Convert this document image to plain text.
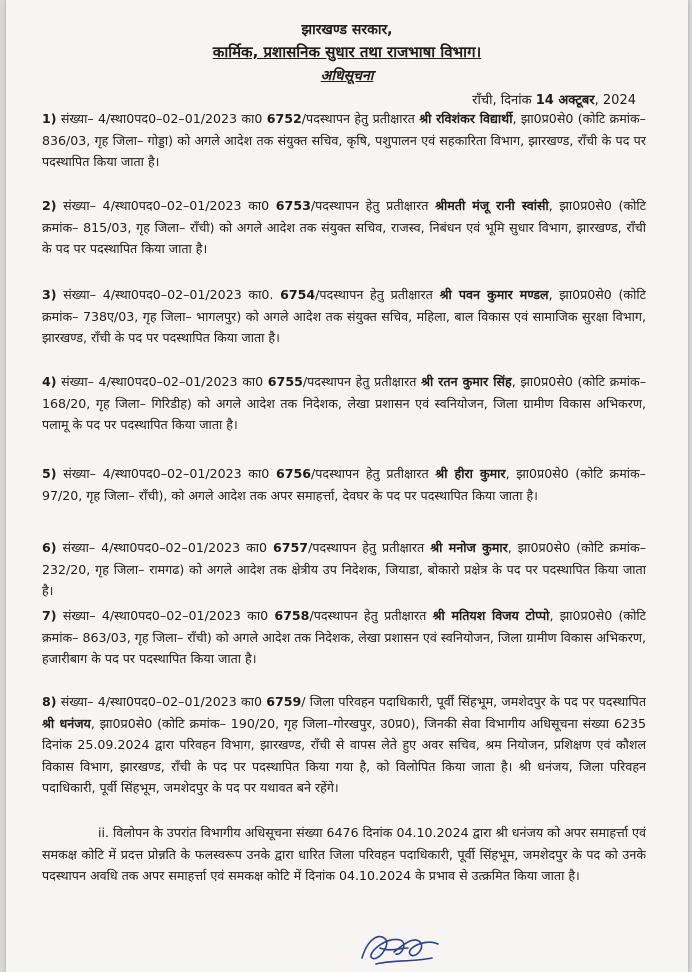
झारखण्ड सरकार,
कार्मिक, प्रशासनिक सुधार तथा राजभाषा विभाग।
अधिसूचना
राँची, दिनांक 14 अक्टूबर, 2024
1) संख्या– 4/स्था0पद0–02–01/2023 का0 6752/पदस्थापन हेतु प्रतीक्षारत श्री रविशंकर विद्यार्थी, झा0प्र0से0 (कोटि क्रमांक–836/03, गृह जिला– गोड्डा) को अगले आदेश तक संयुक्त सचिव, कृषि, पशुपालन एवं सहकारिता विभाग, झारखण्ड, राँची के पद पर पदस्थापित किया जाता है।
2) संख्या– 4/स्था0पद0–02–01/2023 का0 6753/पदस्थापन हेतु प्रतीक्षारत श्रीमती मंजू रानी स्वांसी, झा0प्र0से0 (कोटि क्रमांक– 815/03, गृह जिला– राँची) को अगले आदेश तक संयुक्त सचिव, राजस्व, निबंधन एवं भूमि सुधार विभाग, झारखण्ड, राँची के पद पर पदस्थापित किया जाता है।
3) संख्या– 4/स्था0पद0–02–01/2023 का0. 6754/पदस्थापन हेतु प्रतीक्षारत श्री पवन कुमार मण्डल, झा0प्र0से0 (कोटि क्रमांक– 738ए/03, गृह जिला– भागलपुर) को अगले आदेश तक संयुक्त सचिव, महिला, बाल विकास एवं सामाजिक सुरक्षा विभाग, झारखण्ड, राँची के पद पर पदस्थापित किया जाता है।
4) संख्या– 4/स्था0पद0–02–01/2023 का0 6755/पदस्थापन हेतु प्रतीक्षारत श्री रतन कुमार सिंह, झा0प्र0से0 (कोटि क्रमांक– 168/20, गृह जिला– गिरिडीह) को अगले आदेश तक निदेशक, लेखा प्रशासन एवं स्वनियोजन, जिला ग्रामीण विकास अभिकरण, पलामू के पद पर पदस्थापित किया जाता है।
5) संख्या– 4/स्था0पद0–02–01/2023 का0 6756/पदस्थापन हेतु प्रतीक्षारत श्री हीरा कुमार, झा0प्र0से0 (कोटि क्रमांक– 97/20, गृह जिला– राँची), को अगले आदेश तक अपर समाहर्त्ता, देवघर के पद पर पदस्थापित किया जाता है।
6) संख्या– 4/स्था0पद0–02–01/2023 का0 6757/पदस्थापन हेतु प्रतीक्षारत श्री मनोज कुमार, झा0प्र0से0 (कोटि क्रमांक– 232/20, गृह जिला– रामगढ) को अगले आदेश तक क्षेत्रीय उप निदेशक, जियाडा, बोकारो प्रक्षेत्र के पद पर पदस्थापित किया जाता है।
7) संख्या– 4/स्था0पद0–02–01/2023 का0 6758/पदस्थापन हेतु प्रतीक्षारत श्री मतियश विजय टोप्पो, झा0प्र0से0 (कोटि क्रमांक– 863/03, गृह जिला– राँची) को अगले आदेश तक निदेशक, लेखा प्रशासन एवं स्वनियोजन, जिला ग्रामीण विकास अभिकरण, हजारीबाग के पद पर पदस्थापित किया जाता है।
8) संख्या– 4/स्था0पद0–02–01/2023 का0 6759/ जिला परिवहन पदाधिकारी, पूर्वी सिंहभूम, जमशेदपुर के पद पर पदस्थापित श्री धनंजय, झा0प्र0से0 (कोटि क्रमांक– 190/20, गृह जिला–गोरखपुर, उ0प्र0), जिनकी सेवा विभागीय अधिसूचना संख्या 6235 दिनांक 25.09.2024 द्वारा परिवहन विभाग, झारखण्ड, राँची से वापस लेते हुए अवर सचिव, श्रम नियोजन, प्रशिक्षण एवं कौशल विकास विभाग, झारखण्ड, राँची के पद पर पदस्थापित किया गया है, को विलोपित किया जाता है। श्री धनंजय, जिला परिवहन पदाधिकारी, पूर्वी सिंहभूम, जमशेदपुर के पद पर यथावत बने रहेंगे।
ii. विलोपन के उपरांत विभागीय अधिसूचना संख्या 6476 दिनांक 04.10.2024 द्वारा श्री धनंजय को अपर समाहर्त्ता एवं समकक्ष कोटि में प्रदत्त प्रोन्नति के फलस्वरूप उनके द्वारा धारित जिला परिवहन पदाधिकारी, पूर्वी सिंहभूम, जमशेदपुर के पद को उनके पदस्थापन अवधि तक अपर समाहर्त्ता एवं समकक्ष कोटि में दिनांक 04.10.2024 के प्रभाव से उत्क्रमित किया जाता है।
